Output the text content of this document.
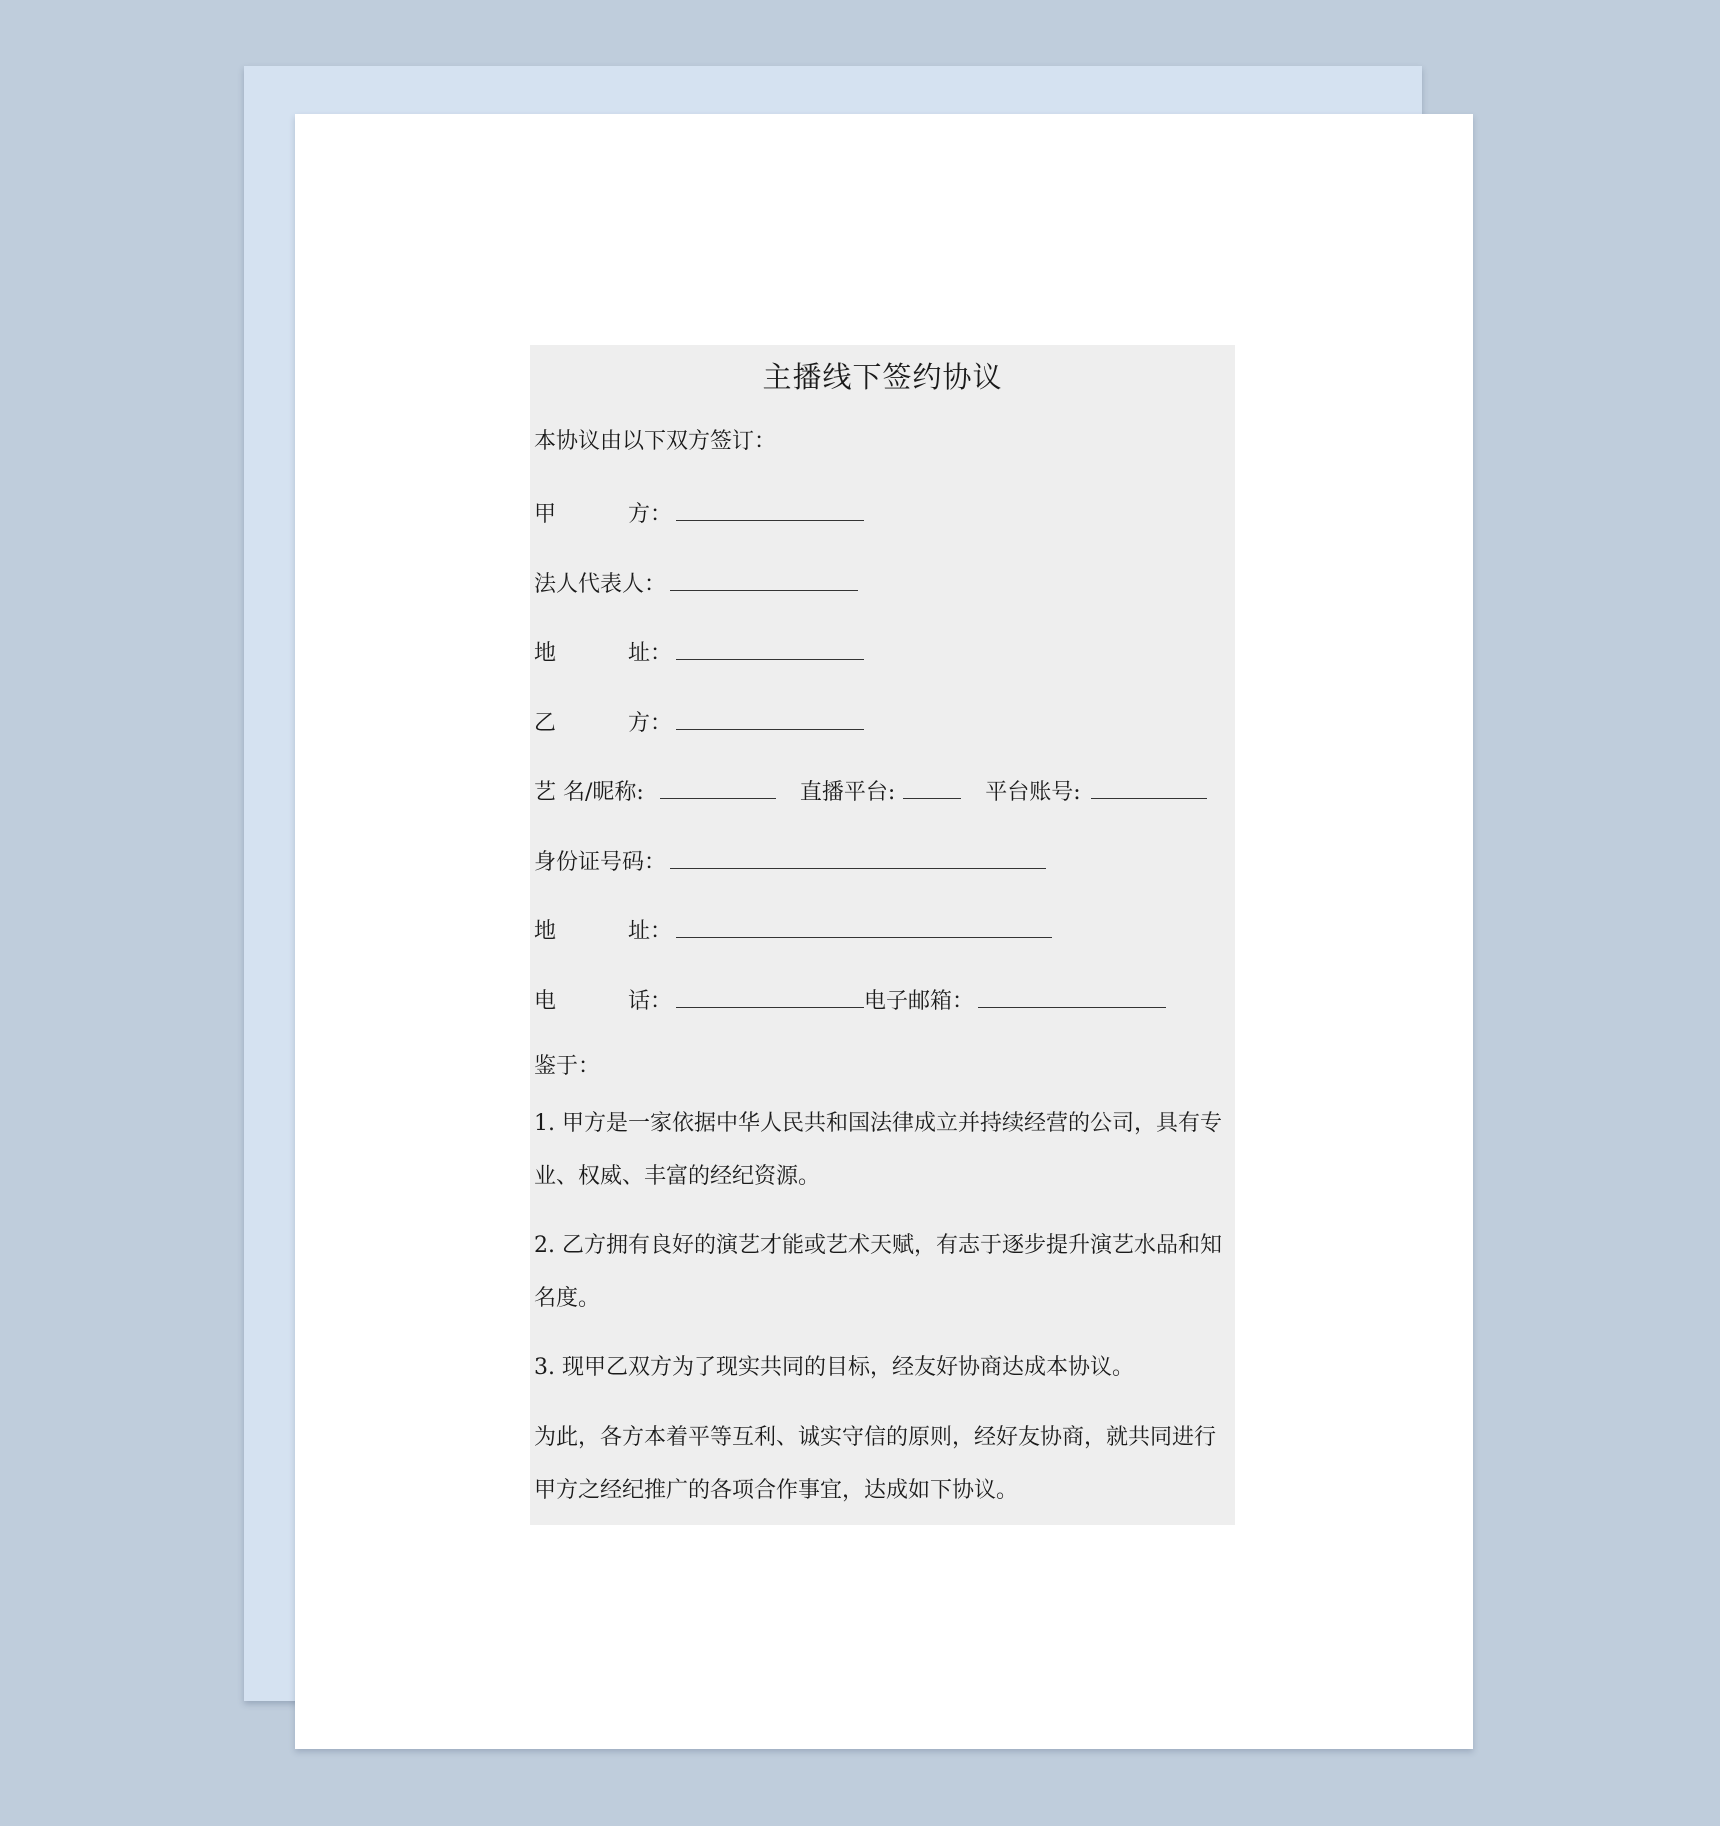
主播线下签约协议
本协议由以下双方签订：
甲	方：
法人代表人：
地	址：
乙	方：
艺 名/昵称:	直播平台:	平台账号:
身份证号码：
地	址：
电	话：	电子邮箱：
鉴于：
1. 甲方是一家依据中华人民共和国法律成立并持续经营的公司，具有专业、权威、丰富的经纪资源。
2. 乙方拥有良好的演艺才能或艺术天赋，有志于逐步提升演艺水品和知名度。
3. 现甲乙双方为了现实共同的目标，经友好协商达成本协议。
为此，各方本着平等互利、诚实守信的原则，经好友协商，就共同进行甲方之经纪推广的各项合作事宜，达成如下协议。
